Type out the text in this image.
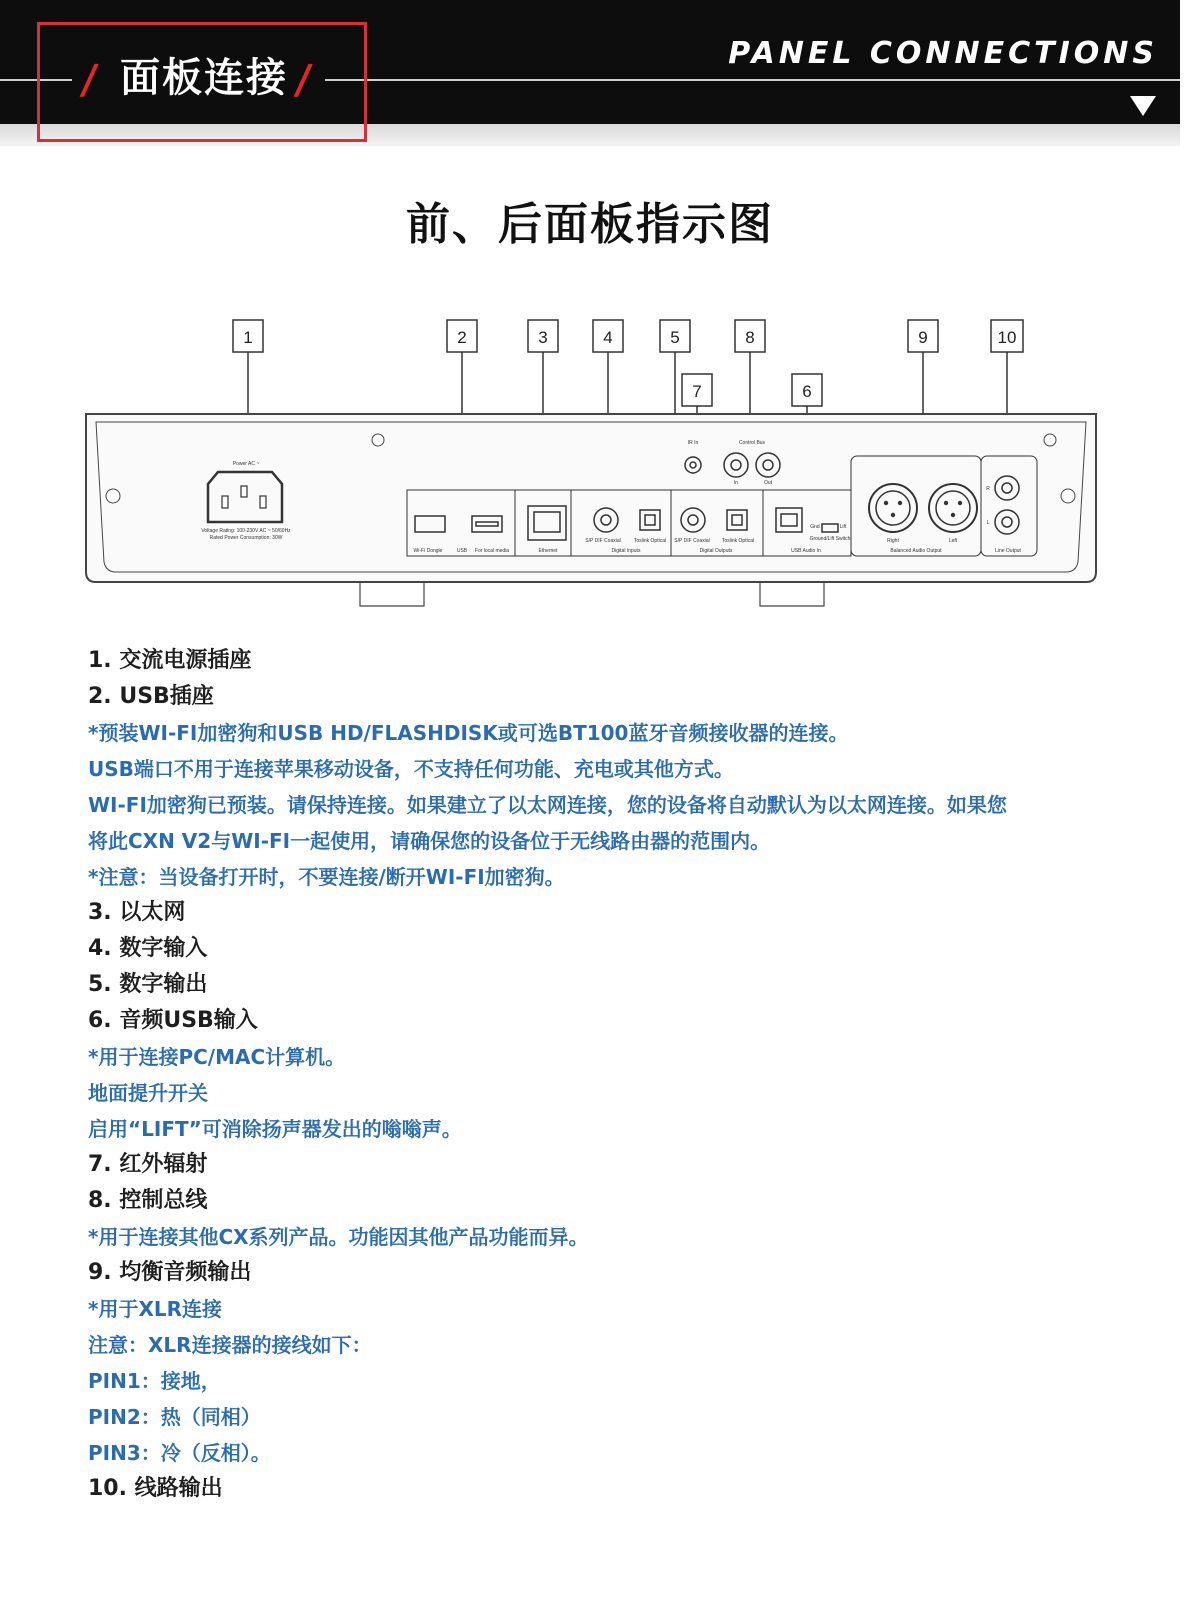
/ 面板连接 /
PANEL CONNECTIONS
前、后面板指示图
1	2	3	4	5	8	9	10
7	6
Power AC ~
Voltage Rating: 100-230V AC ~ 50/60Hz
Rated Power Consumption: 30W
Wi-Fi Dongle	USB For local media	Ethernet
S/P DIF Coaxial	Toslink Optical
Digital Inputs
S/P DIF Coaxial Toslink Optical
Digital Outputs
IR In	Control Bus
In	Out
USB Audio In
Gnd	Lift
Ground/Lift Switch	Right	Left
Balanced Audio Output
R
L
Line Output
1. 交流电源插座
2. USB插座
*预装WI-FI加密狗和USB HD/FLASHDISK或可选BT100蓝牙音频接收器的连接。
USB端口不用于连接苹果移动设备，不支持任何功能、充电或其他方式。
WI-FI加密狗已预装。请保持连接。如果建立了以太网连接，您的设备将自动默认为以太网连接。如果您
将此CXN V2与WI-FI一起使用，请确保您的设备位于无线路由器的范围内。
*注意：当设备打开时，不要连接/断开WI-FI加密狗。
3. 以太网
4. 数字输入
5. 数字输出
6. 音频USB输入
*用于连接PC/MAC计算机。
地面提升开关
启用“LIFT”可消除扬声器发出的嗡嗡声。
7. 红外辐射
8. 控制总线
*用于连接其他CX系列产品。功能因其他产品功能而异。
9. 均衡音频输出
*用于XLR连接
注意：XLR连接器的接线如下：
PIN1：接地，
PIN2：热（同相）
PIN3：冷（反相）。
10. 线路输出
